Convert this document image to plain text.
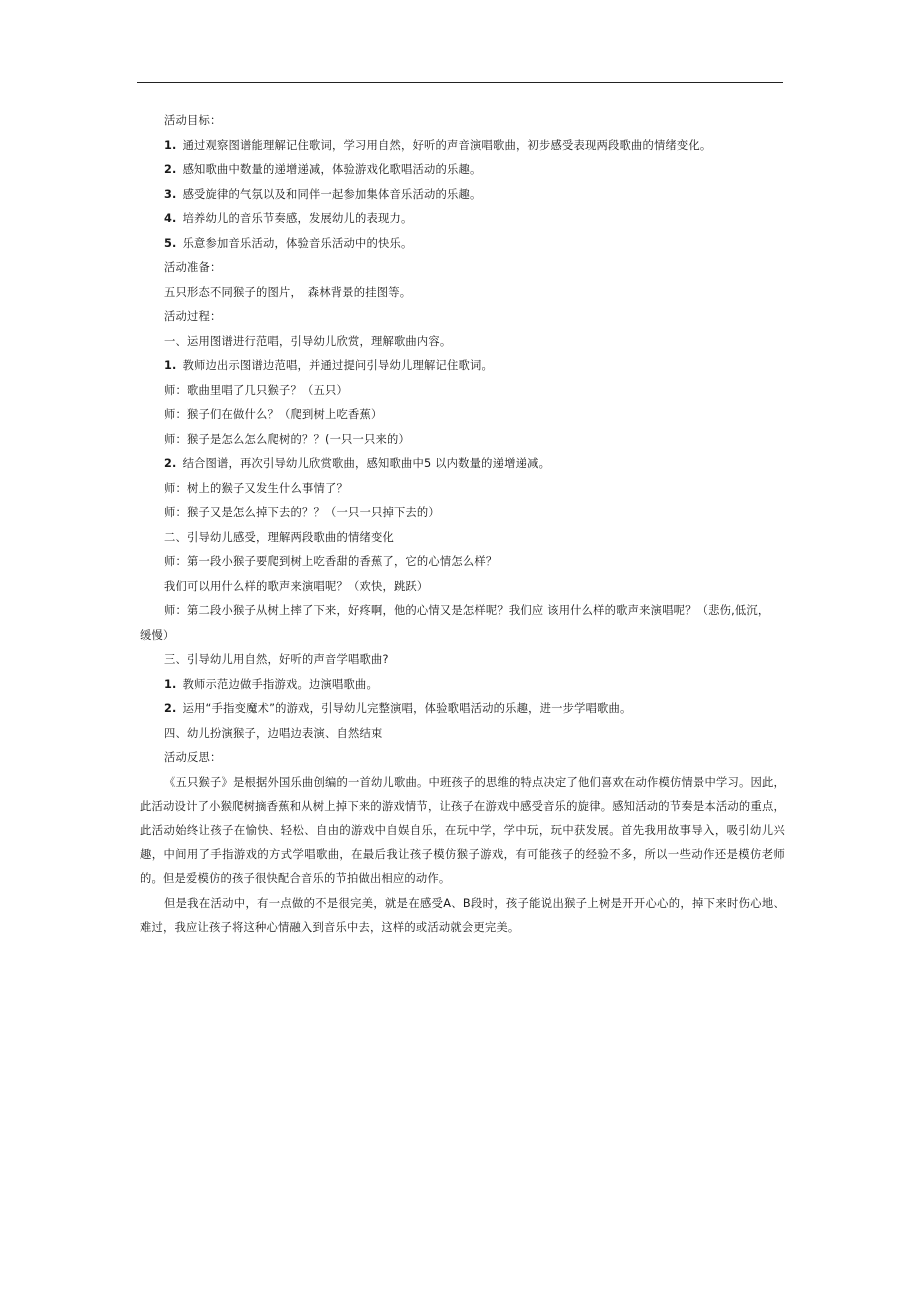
活动目标：
1. 通过观察图谱能理解记住歌词，学习用自然，好听的声音演唱歌曲，初步感受表现两段歌曲的情绪变化。
2. 感知歌曲中数量的递增递减，体验游戏化歌唱活动的乐趣。
3. 感受旋律的气氛以及和同伴一起参加集体音乐活动的乐趣。
4. 培养幼儿的音乐节奏感，发展幼儿的表现力。
5. 乐意参加音乐活动，体验音乐活动中的快乐。
活动准备：
五只形态不同猴子的图片，　森林背景的挂图等。
活动过程：
一、运用图谱进行范唱，引导幼儿欣赏，理解歌曲内容。
1. 教师边出示图谱边范唱，并通过提问引导幼儿理解记住歌词。
师：歌曲里唱了几只猴子？（五只）
师：猴子们在做什么？（爬到树上吃香蕉）
师：猴子是怎么怎么爬树的？？(一只一只来的）
2. 结合图谱，再次引导幼儿欣赏歌曲，感知歌曲中5 以内数量的递增递减。
师：树上的猴子又发生什么事情了？
师：猴子又是怎么掉下去的？？（一只一只掉下去的）
二、引导幼儿感受，理解两段歌曲的情绪变化
师：第一段小猴子要爬到树上吃香甜的香蕉了，它的心情怎么样？
我们可以用什么样的歌声来演唱呢？（欢快，跳跃）
师：第二段小猴子从树上摔了下来，好疼啊，他的心情又是怎样呢？我们应 该用什么样的歌声来演唱呢？（悲伤,低沉，　缓慢）
三、引导幼儿用自然，好听的声音学唱歌曲?
1. 教师示范边做手指游戏。边演唱歌曲。
2. 运用“手指变魔术”的游戏，引导幼儿完整演唱，体验歌唱活动的乐趣，进一步学唱歌曲。
四、幼儿扮演猴子，边唱边表演、自然结束
活动反思：
《五只猴子》是根据外国乐曲创编的一首幼儿歌曲。中班孩子的思维的特点决定了他们喜欢在动作模仿情景中学习。因此，此活动设计了小猴爬树摘香蕉和从树上掉下来的游戏情节，让孩子在游戏中感受音乐的旋律。感知活动的节奏是本活动的重点，此活动始终让孩子在愉快、轻松、自由的游戏中自娱自乐，在玩中学，学中玩，玩中获发展。首先我用故事导入，吸引幼儿兴趣，中间用了手指游戏的方式学唱歌曲，在最后我让孩子模仿猴子游戏，有可能孩子的经验不多，所以一些动作还是模仿老师的。但是爱模仿的孩子很快配合音乐的节拍做出相应的动作。
但是我在活动中，有一点做的不是很完美，就是在感受A、B段时，孩子能说出猴子上树是开开心心的，掉下来时伤心地、难过，我应让孩子将这种心情融入到音乐中去，这样的或活动就会更完美。
